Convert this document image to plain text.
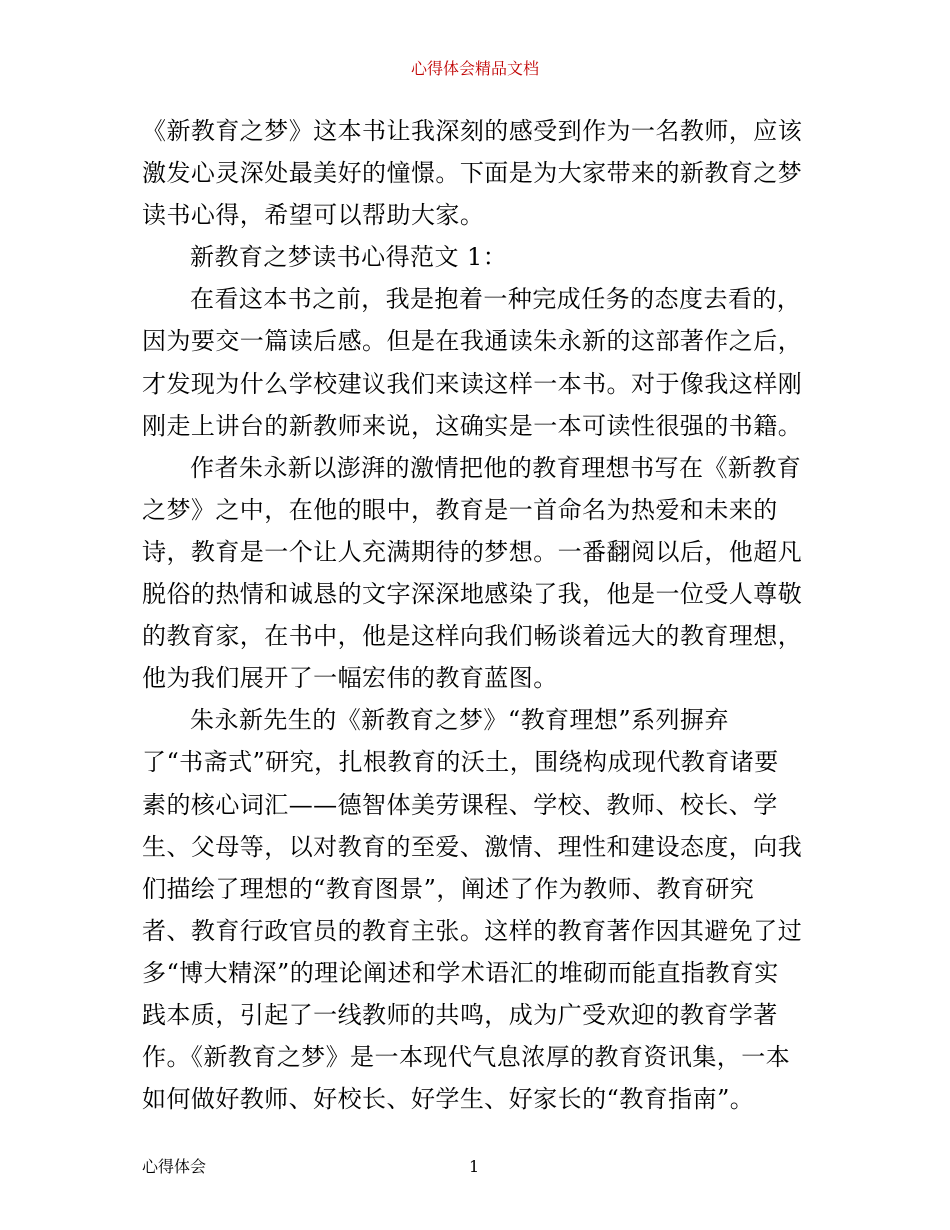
心得体会精品文档
《新教育之梦》这本书让我深刻的感受到作为一名教师，应该
激发心灵深处最美好的憧憬。下面是为大家带来的新教育之梦
读书心得，希望可以帮助大家。
新教育之梦读书心得范文 1：
在看这本书之前，我是抱着一种完成任务的态度去看的，
因为要交一篇读后感。但是在我通读朱永新的这部著作之后，
才发现为什么学校建议我们来读这样一本书。对于像我这样刚
刚走上讲台的新教师来说，这确实是一本可读性很强的书籍。
作者朱永新以澎湃的激情把他的教育理想书写在《新教育
之梦》之中，在他的眼中，教育是一首命名为热爱和未来的
诗，教育是一个让人充满期待的梦想。一番翻阅以后，他超凡
脱俗的热情和诚恳的文字深深地感染了我，他是一位受人尊敬
的教育家，在书中，他是这样向我们畅谈着远大的教育理想，
他为我们展开了一幅宏伟的教育蓝图。
朱永新先生的《新教育之梦》“教育理想”系列摒弃
了“书斋式”研究，扎根教育的沃土，围绕构成现代教育诸要
素的核心词汇——德智体美劳课程、学校、教师、校长、学
生、父母等，以对教育的至爱、激情、理性和建设态度，向我
们描绘了理想的“教育图景”，阐述了作为教师、教育研究
者、教育行政官员的教育主张。这样的教育著作因其避免了过
多“博大精深”的理论阐述和学术语汇的堆砌而能直指教育实
践本质，引起了一线教师的共鸣，成为广受欢迎的教育学著
作。《新教育之梦》是一本现代气息浓厚的教育资讯集，一本
如何做好教师、好校长、好学生、好家长的“教育指南”。
心得体会	1
